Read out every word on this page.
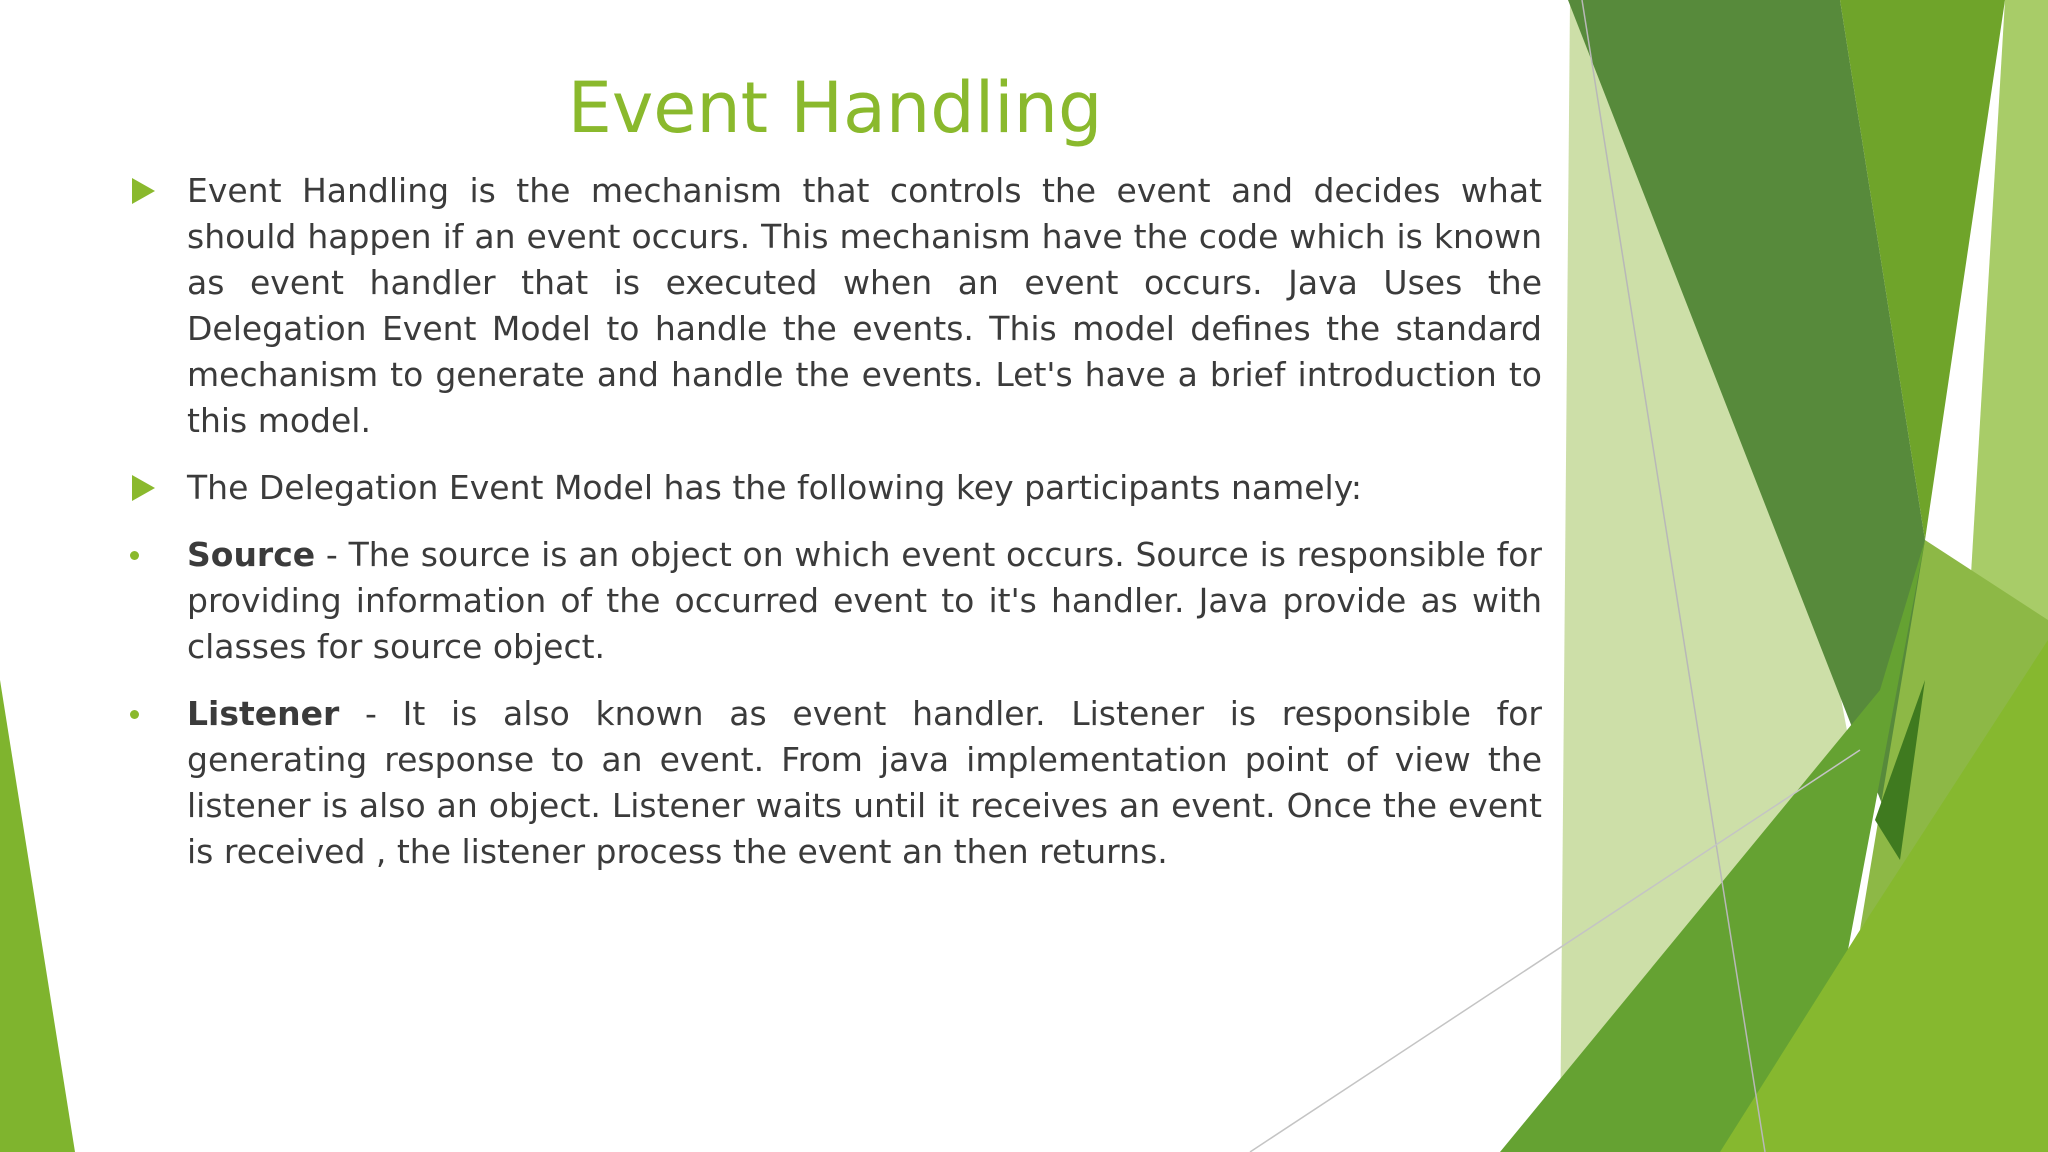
Event Handling
Event Handling is the mechanism that controls the event and decides what should happen if an event occurs. This mechanism have the code which is known as event handler that is executed when an event occurs. Java Uses the Delegation Event Model to handle the events. This model defines the standard mechanism to generate and handle the events. Let's have a brief introduction to this model.
The Delegation Event Model has the following key participants namely:
Source - The source is an object on which event occurs. Source is responsible for providing information of the occurred event to it's handler. Java provide as with classes for source object.
Listener - It is also known as event handler. Listener is responsible for generating response to an event. From java implementation point of view the listener is also an object. Listener waits until it receives an event. Once the event is received , the listener process the event an then returns.
